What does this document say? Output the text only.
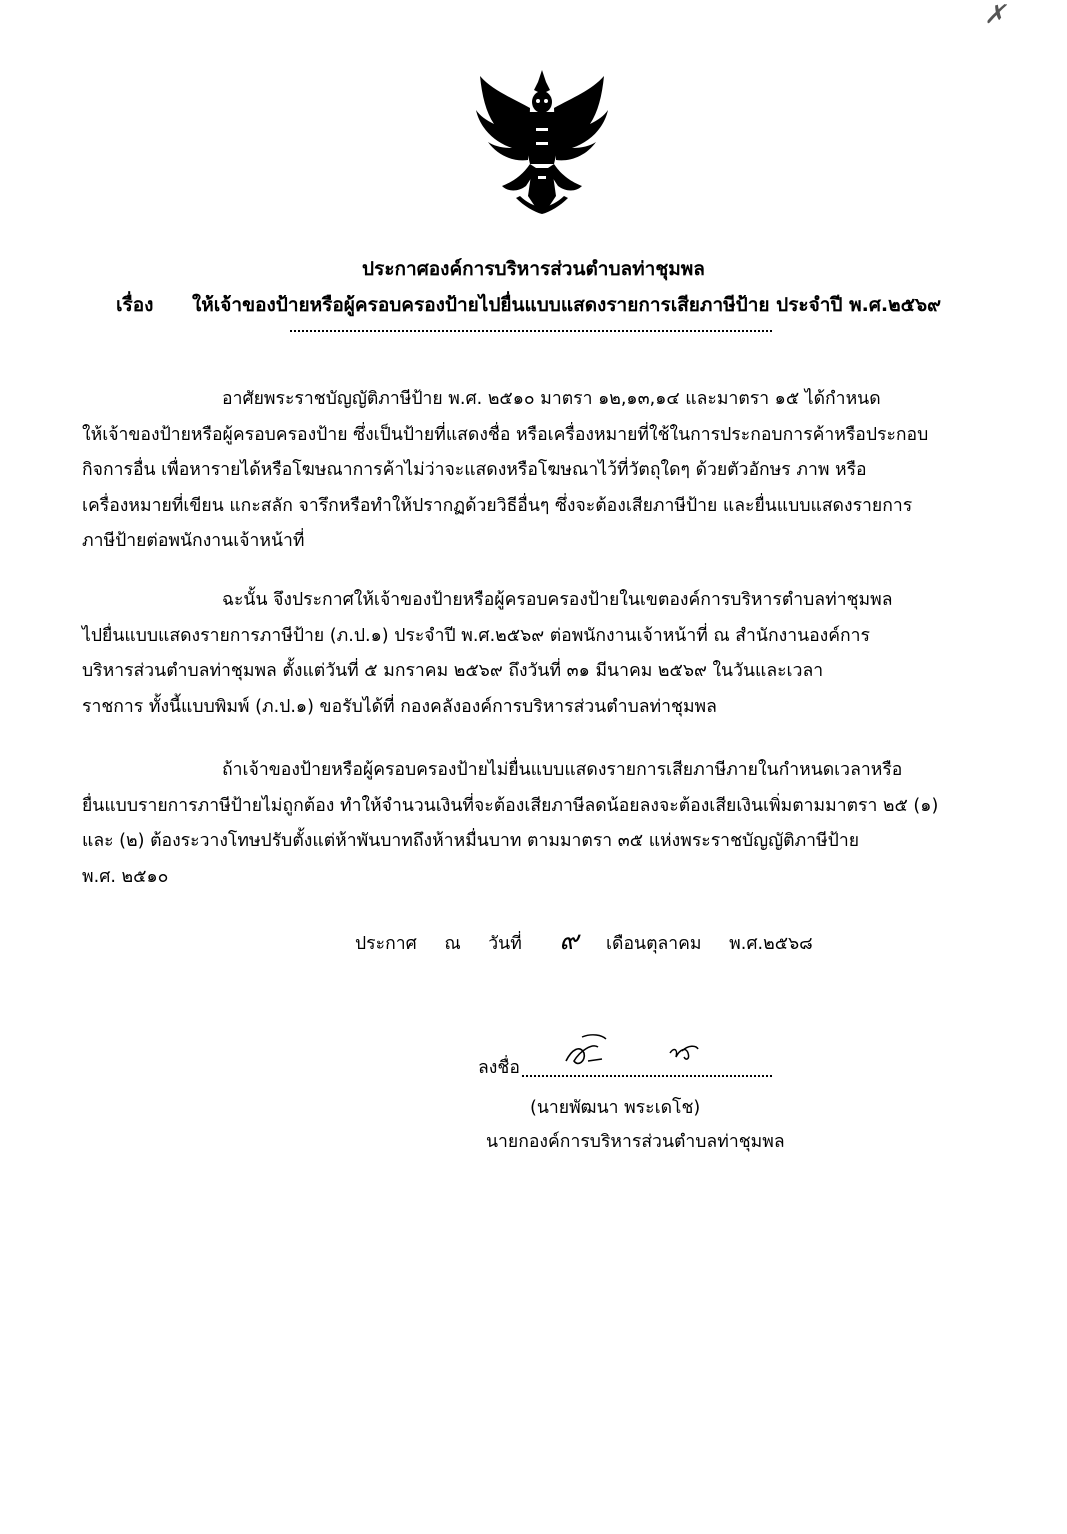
✗
ประกาศองค์การบริหารส่วนตำบลท่าชุมพล
เรื่อง ให้เจ้าของป้ายหรือผู้ครอบครองป้ายไปยื่นแบบแสดงรายการเสียภาษีป้าย ประจำปี พ.ศ.๒๕๖๙
อาศัยพระราชบัญญัติภาษีป้าย พ.ศ. ๒๕๑๐ มาตรา ๑๒,๑๓,๑๔ และมาตรา ๑๕ ได้กำหนด
ให้เจ้าของป้ายหรือผู้ครอบครองป้าย ซึ่งเป็นป้ายที่แสดงชื่อ หรือเครื่องหมายที่ใช้ในการประกอบการค้าหรือประกอบ
กิจการอื่น เพื่อหารายได้หรือโฆษณาการค้าไม่ว่าจะแสดงหรือโฆษณาไว้ที่วัตถุใดๆ ด้วยตัวอักษร ภาพ หรือ
เครื่องหมายที่เขียน แกะสลัก จารึกหรือทำให้ปรากฏด้วยวิธีอื่นๆ ซึ่งจะต้องเสียภาษีป้าย และยื่นแบบแสดงรายการ
ภาษีป้ายต่อพนักงานเจ้าหน้าที่
ฉะนั้น จึงประกาศให้เจ้าของป้ายหรือผู้ครอบครองป้ายในเขตองค์การบริหารตำบลท่าชุมพล
ไปยื่นแบบแสดงรายการภาษีป้าย (ภ.ป.๑) ประจำปี พ.ศ.๒๕๖๙ ต่อพนักงานเจ้าหน้าที่ ณ สำนักงานองค์การ
บริหารส่วนตำบลท่าชุมพล ตั้งแต่วันที่ ๕ มกราคม ๒๕๖๙ ถึงวันที่ ๓๑ มีนาคม ๒๕๖๙ ในวันและเวลา
ราชการ ทั้งนี้แบบพิมพ์ (ภ.ป.๑) ขอรับได้ที่ กองคลังองค์การบริหารส่วนตำบลท่าชุมพล
ถ้าเจ้าของป้ายหรือผู้ครอบครองป้ายไม่ยื่นแบบแสดงรายการเสียภาษีภายในกำหนดเวลาหรือ
ยื่นแบบรายการภาษีป้ายไม่ถูกต้อง ทำให้จำนวนเงินที่จะต้องเสียภาษีลดน้อยลงจะต้องเสียเงินเพิ่มตามมาตรา ๒๕ (๑)
และ (๒) ต้องระวางโทษปรับตั้งแต่ห้าพันบาทถึงห้าหมื่นบาท ตามมาตรา ๓๕ แห่งพระราชบัญญัติภาษีป้าย
พ.ศ. ๒๕๑๐
ประกาศ ณ วันที่ ๙ เดือนตุลาคม พ.ศ.๒๕๖๘
ลงชื่อ
(นายพัฒนา พระเดโช)
นายกองค์การบริหารส่วนตำบลท่าชุมพล
